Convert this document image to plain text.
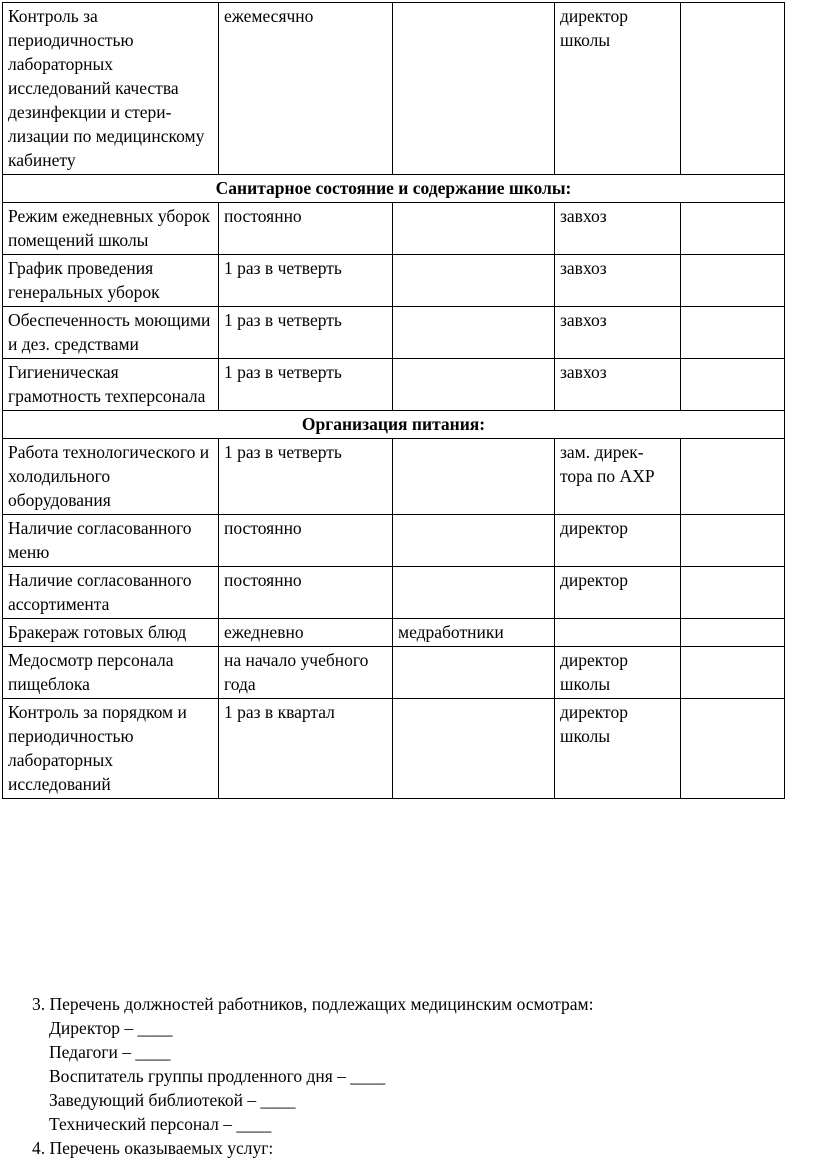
Контроль за периодичностью лабораторных исследований качества дезинфекции и стери-лизации по медицинскому кабинету	ежемесячно		директор школы	
Санитарное состояние и содержание школы:				
Режим ежедневных уборок помещений школы	постоянно		завхоз	
График проведения генеральных уборок	1 раз в четверть		завхоз	
Обеспеченность моющими и дез. средствами	1 раз в четверть		завхоз	
Гигиеническая грамотность техперсонала	1 раз в четверть		завхоз	
Организация питания:				
Работа технологического и холодильного оборудования	1 раз в четверть		зам. дирек-тора по АХР	
Наличие согласованного меню	постоянно		директор	
Наличие согласованного ассортимента	постоянно		директор	
Бракераж готовых блюд	ежедневно	медработники		
Медосмотр персонала пищеблока	на начало учебного года		директор школы	
Контроль за порядком и периодичностью лабораторных исследований	1 раз в квартал		директор школы	
3. Перечень должностей работников, подлежащих медицинским осмотрам:
Директор – ____
Педагоги – ____
Воспитатель группы продленного дня – ____
Заведующий библиотекой – ____
Технический персонал – ____
4. Перечень оказываемых услуг:
